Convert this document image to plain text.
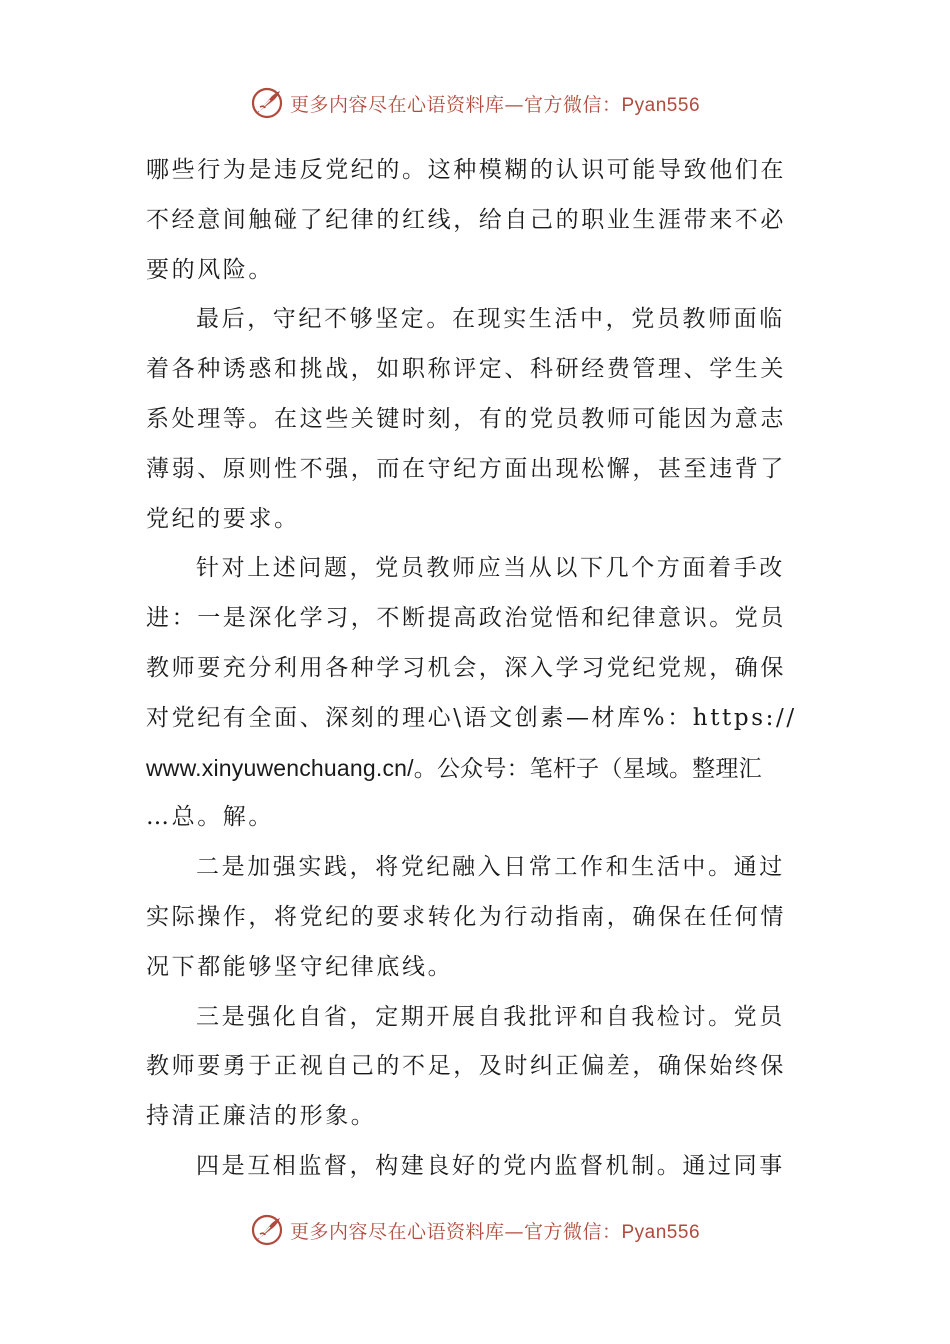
更多内容尽在心语资料库—官方微信：Pyan556
哪些行为是违反党纪的。这种模糊的认识可能导致他们在
不经意间触碰了纪律的红线，给自己的职业生涯带来不必
要的风险。
最后，守纪不够坚定。在现实生活中，党员教师面临
着各种诱惑和挑战，如职称评定、科研经费管理、学生关
系处理等。在这些关键时刻，有的党员教师可能因为意志
薄弱、原则性不强，而在守纪方面出现松懈，甚至违背了
党纪的要求。
针对上述问题，党员教师应当从以下几个方面着手改
进：一是深化学习，不断提高政治觉悟和纪律意识。党员
教师要充分利用各种学习机会，深入学习党纪党规，确保
对党纪有全面、深刻的理心\语文创素—材库%：https://
www.xinyuwenchuang.cn/。公众号：笔杆子（星域。整理汇
…总。解。
二是加强实践，将党纪融入日常工作和生活中。通过
实际操作，将党纪的要求转化为行动指南，确保在任何情
况下都能够坚守纪律底线。
三是强化自省，定期开展自我批评和自我检讨。党员
教师要勇于正视自己的不足，及时纠正偏差，确保始终保
持清正廉洁的形象。
四是互相监督，构建良好的党内监督机制。通过同事
更多内容尽在心语资料库—官方微信：Pyan556
